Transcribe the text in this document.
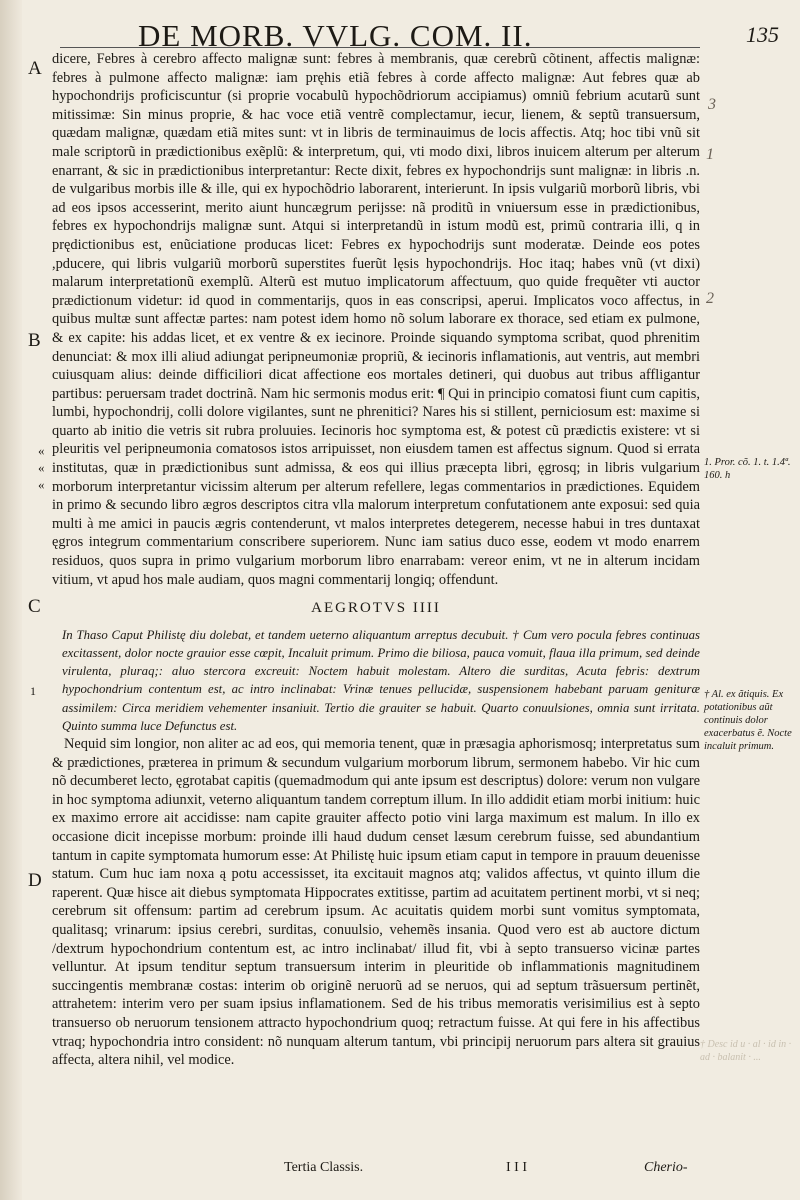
DE MORB. VVLG. COM. II.	135
A
B
C
D
1
«
«
«
3
1
2

dicere, Febres à cerebro affecto malignæ sunt: febres à membranis, quæ cerebrũ cõtinent, affectis malignæ: febres à pulmone affecto malignæ: iam pręhis etiã febres à corde affecto malignæ: Aut febres quæ ab hypochondrijs proficiscuntur (si proprie vocabulũ hypochõdriorum accipiamus) omniũ febrium acutarũ sunt mitissimæ: Sin minus proprie, & hac voce etiã ventrẽ complectamur, iecur, lienem, & septũ transuersum, quædam malignæ, quædam etiã mites sunt: vt in libris de terminauimus de locis affectis. Atq; hoc tibi vnũ sit male scriptorũ in prædictionibus exẽplũ: & interpretum, qui, vti modo dixi, libros inuicem alterum per alterum enarrant, & sic in prædictionibus interpretantur: Recte dixit, febres ex hypochondrijs sunt malignæ: in libris .n. de vulgaribus morbis ille & ille, qui ex hypochõdrio laborarent, interierunt. In ipsis vulgariũ morborũ libris, vbi ad eos ipsos accesserint, merito aiunt huncægrum perijsse: nã proditũ in vniuersum esse in prædictionibus, febres ex hypochondrijs malignæ sunt. Atqui si interpretandũ in istum modũ est, primũ contraria illi, q in prędictionibus est, enũciatione producas licet: Febres ex hypochodrijs sunt moderatæ. Deinde eos potes ,pducere, qui libris vulgariũ morborũ superstites fuerũt lęsis hypochondrijs. Hoc itaq; habes vnũ (vt dixi) malarum interpretationũ exemplũ. Alterũ est mutuo implicatorum affectuum, quo quide frequẽter vti auctor prædictionum videtur: id quod in commentarijs, quos in eas conscripsi, aperui. Implicatos voco affectus, in quibus multæ sunt affectæ partes: nam potest idem homo nõ solum laborare ex thorace, sed etiam ex pulmone, & ex capite: his addas licet, et ex ventre & ex iecinore. Proinde siquando symptoma scribat, quod phrenitim denunciat: & mox illi aliud adiungat peripneumoniæ propriũ, & iecinoris inflamationis, aut ventris, aut membri cuiusquam alius: deinde difficiliori dicat affectione eos mortales detineri, qui duobus aut tribus affligantur partibus: peruersam tradet doctrinã. Nam hic sermonis modus erit: ¶ Qui in principio comatosi fiunt cum capitis, lumbi, hypochondrij, colli dolore vigilantes, sunt ne phrenitici? Nares his si stillent, perniciosum est: maxime si quarto ab initio die vetris sit rubra proluuies. Iecinoris hoc symptoma est, & potest cũ prædictis existere: vt si pleuritis vel peripneumonia comatosos istos arripuisset, non eiusdem tamen est affectus signum. Quod si errata institutas, quæ in prædictionibus sunt admissa, & eos qui illius præcepta libri, ęgrosq; in libris vulgarium morborum interpretantur vicissim alterum per alterum refellere, legas commentarios in prædictiones. Equidem in primo & secundo libro ægros descriptos citra vlla malorum interpretum confutationem ante exposui: sed quia multi à me amici in paucis ægris contenderunt, vt malos interpretes detegerem, necesse habui in tres duntaxat ęgros integrum commentarium conscribere superiorem. Nunc iam satius duco esse, eodem vt modo enarrem residuos, quos supra in primo vulgarium morborum libro enarrabam: vereor enim, vt ne in alterum incidam vitium, vt apud hos male audiam, quos magni commentarij longiq; offendunt.

AEGROTVS IIII

In Thaso Caput Philistę diu dolebat, et tandem ueterno aliquantum arreptus decubuit. † Cum vero pocula febres continuas excitassent, dolor nocte grauior esse cœpit, Incaluit primum. Primo die biliosa, pauca vomuit, flaua illa primum, sed deinde virulenta, pluraq;: aluo stercora excreuit: Noctem habuit molestam. Altero die surditas, Acuta febris: dextrum hypochondrium contentum est, ac intro inclinabat: Vrinæ tenues pellucidæ, suspensionem habebant paruam genituræ assimilem: Circa meridiem vehementer insaniuit. Tertio die grauiter se habuit. Quarto conuulsiones, omnia sunt irritata. Quinto summa luce Defunctus est.

Nequid sim longior, non aliter ac ad eos, qui memoria tenent, quæ in præsagia aphorismosq; interpretatus sum & prædictiones, præterea in primum & secundum vulgarium morborum librum, sermonem habebo. Vir hic cum nõ decumberet lecto, ęgrotabat capitis (quemadmodum qui ante ipsum est descriptus) dolore: verum non vulgare in hoc symptoma adiunxit, veterno aliquantum tandem correptum illum. In illo addidit etiam morbi initium: huic ex maximo errore ait accidisse: nam capite grauiter affecto potio vini larga maximum est malum. In illo ex occasione dicit incepisse morbum: proinde illi haud dudum censet læsum cerebrum fuisse, sed abundantium tantum in capite symptomata humorum esse: At Philistę huic ipsum etiam caput in tempore in prauum deuenisse statum. Cum huc iam noxa ą potu accessisset, ita excitauit magnos atq; validos affectus, vt quinto illum die raperent. Quæ hisce ait diebus symptomata Hippocrates extitisse, partim ad acuitatem pertinent morbi, vt si neq; cerebrum sit offensum: partim ad cerebrum ipsum. Ac acuitatis quidem morbi sunt vomitus symptomata, qualitasq; vrinarum: ipsius cerebri, surditas, conuulsio, vehemẽs insania. Quod vero est ab auctore dictum /dextrum hypochondrium contentum est, ac intro inclinabat/ illud fit, vbi à septo transuerso vicinæ partes velluntur. At ipsum tenditur septum transuersum interim in pleuritide ob inflammationis magnitudinem succingentis membranæ costas: interim ob originẽ neruorũ ad se neruos, qui ad septum trãsuersum pertinẽt, attrahetem: interim vero per suam ipsius inflamationem. Sed de his tribus memoratis verisimilius est à septo transuerso ob neruorum tensionem attracto hypochondrium quoq; retractum fuisse. At qui fere in his affectibus vtraq; hypochondria intro consident: nõ nunquam alterum tantum, vbi principij neruorum pars altera sit grauius affecta, altera nihil, vel modice.

1. Pror. cõ. 1. t. 1.4ª. 160. h
† Al. ex ãtiquis. Ex potationibus aũt continuis dolor exacerbatus ẽ. Nocte incaluit primum.
† Desc id u · al · id in · ad · balanit · ...
Tertia Classis.	I I I	Cherio-
